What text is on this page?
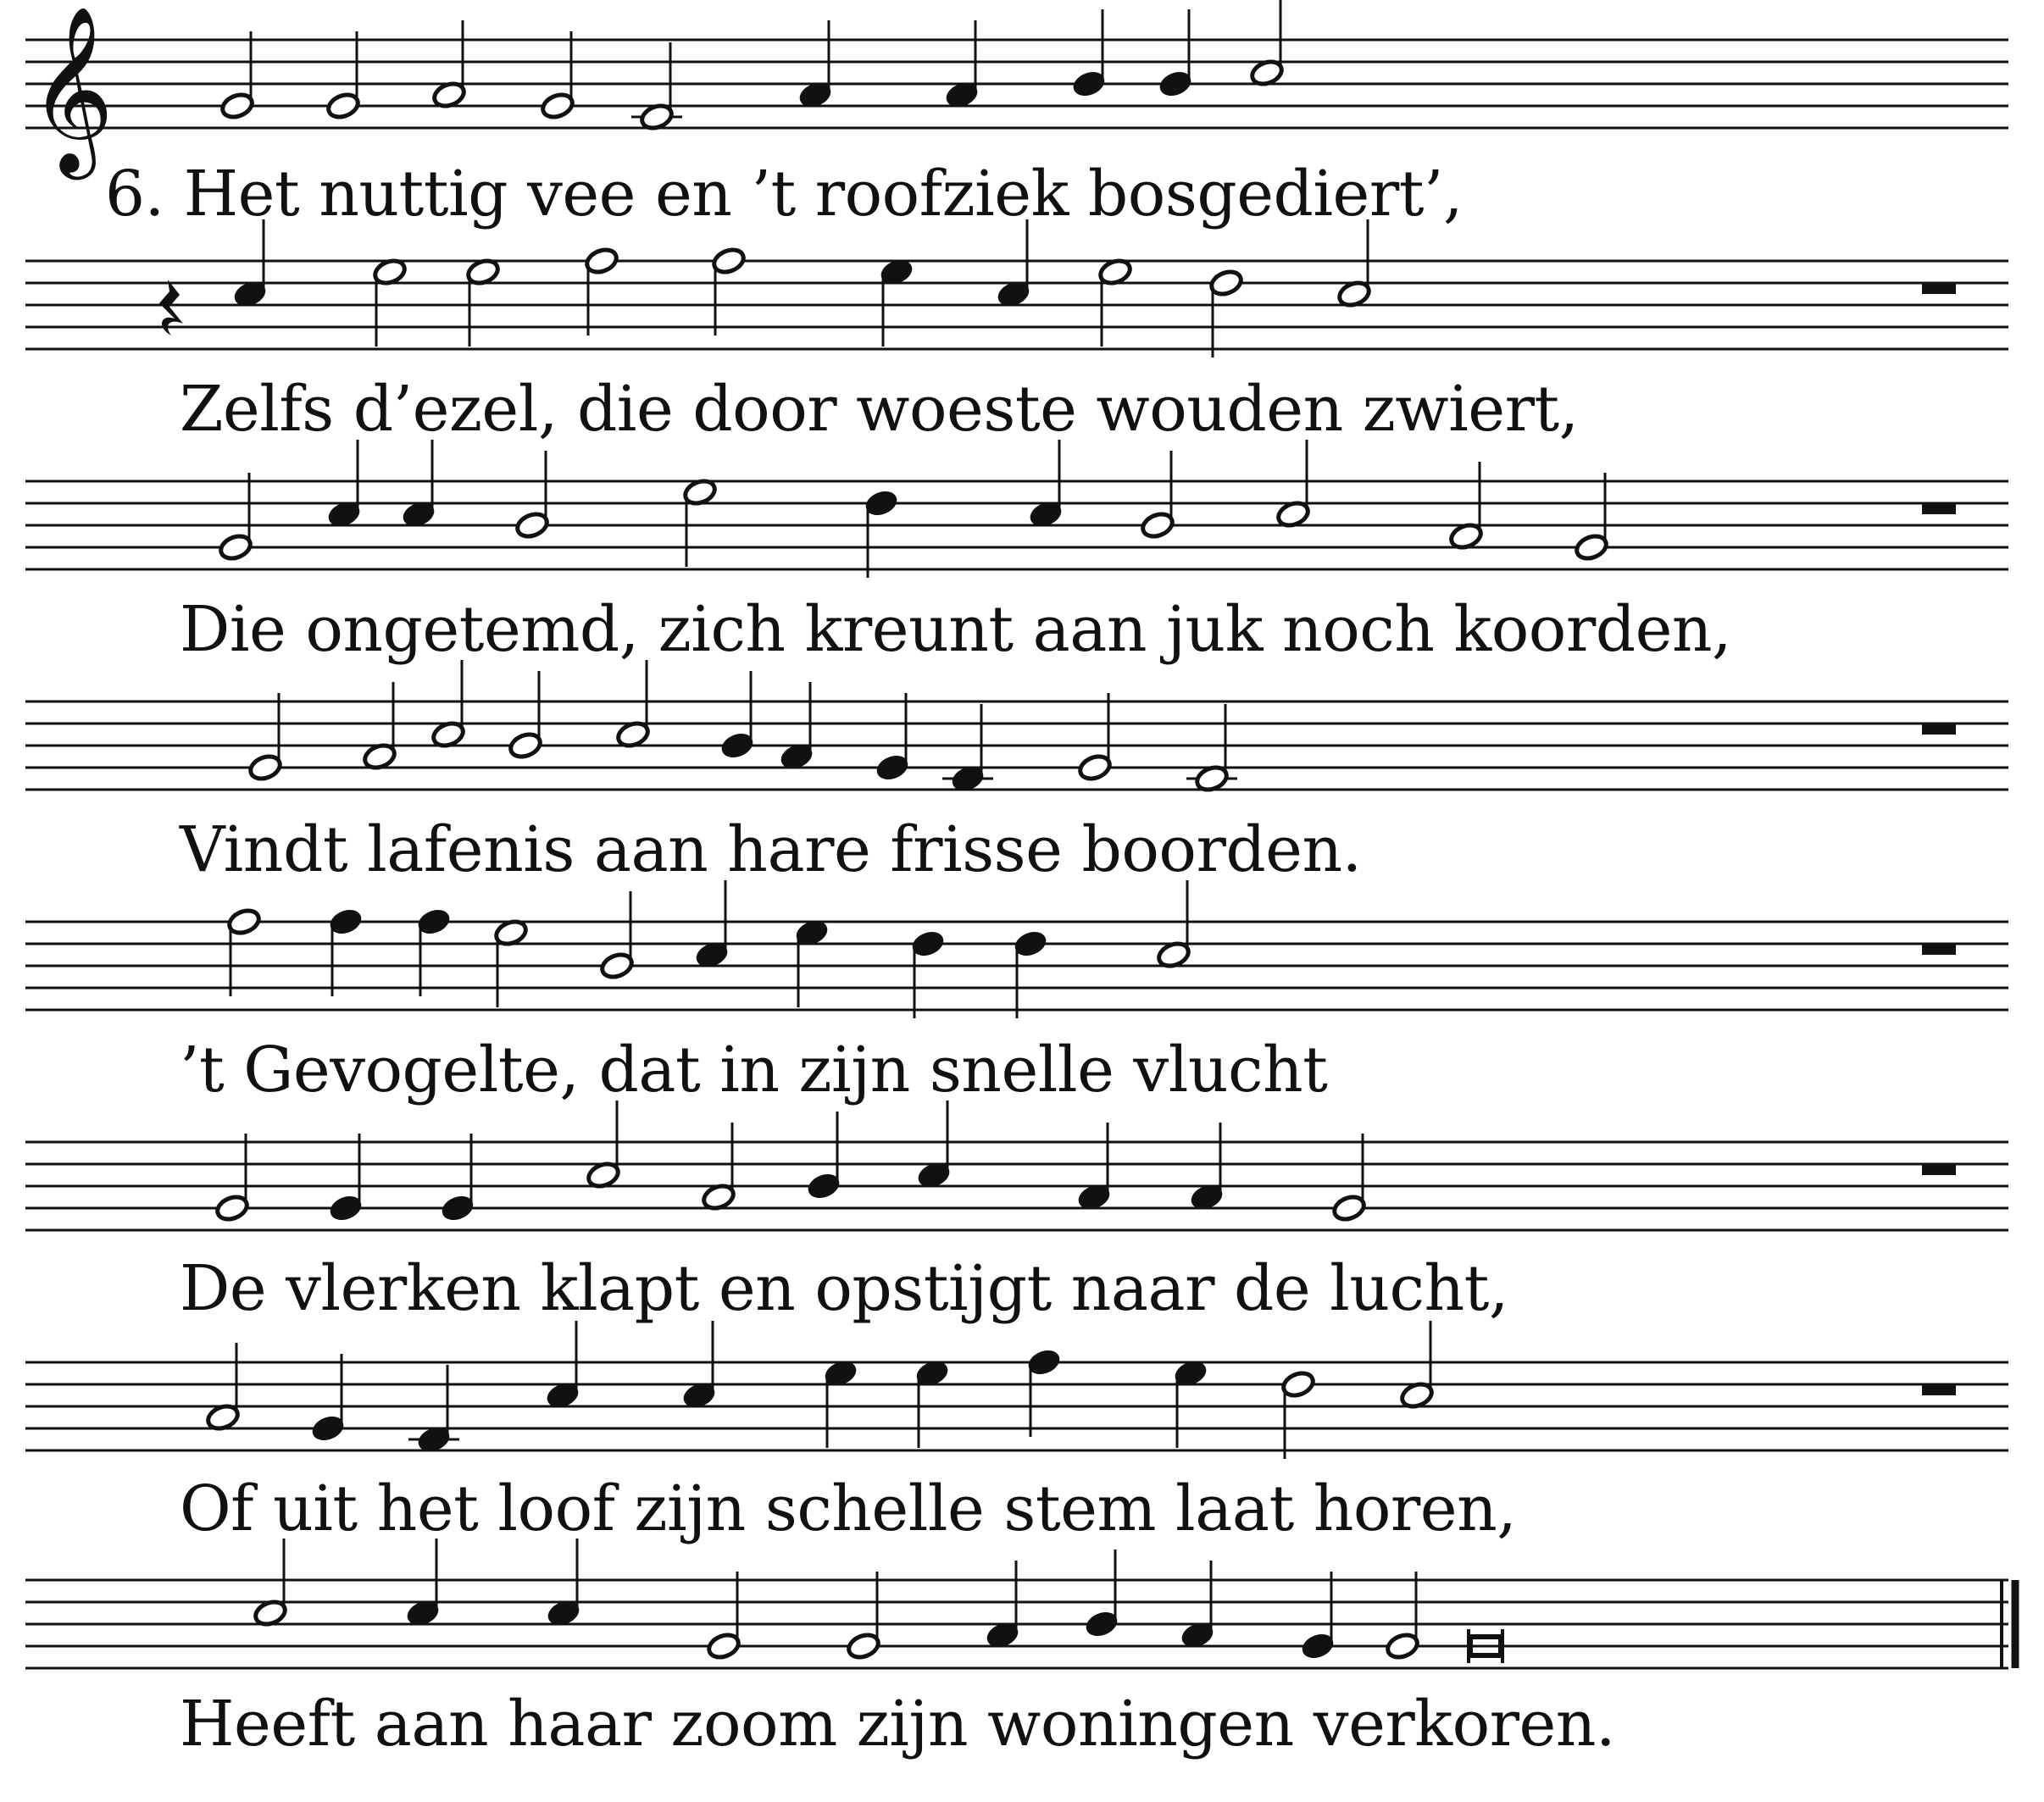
𝄞
6. Het nuttig vee en ’t roofziek bosgediert’,
Zelfs d’ezel, die door woeste wouden zwiert,
Die ongetemd, zich kreunt aan juk noch koorden,
Vindt lafenis aan hare frisse boorden.
’t Gevogelte, dat in zijn snelle vlucht
De vlerken klapt en opstijgt naar de lucht,
Of uit het loof zijn schelle stem laat horen,
Heeft aan haar zoom zijn woningen verkoren.
